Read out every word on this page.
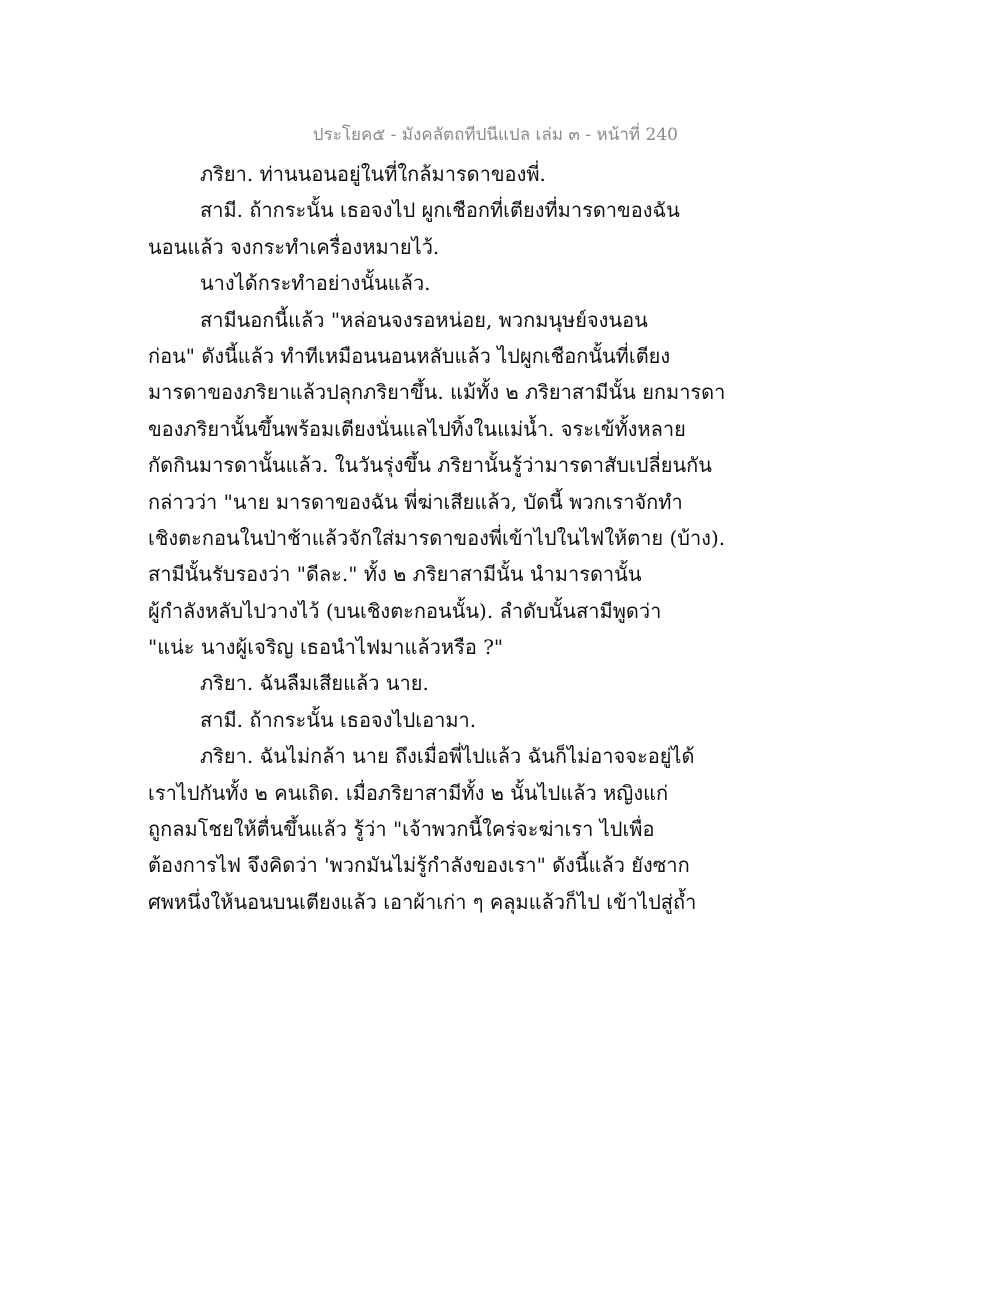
ประโยค๕ - มังคลัตถทีปนีแปล เล่ม ๓ - หน้าที่ 240
ภริยา. ท่านนอนอยู่ในที่ใกล้มารดาของพี่.
สามี. ถ้ากระนั้น เธอจงไป ผูกเชือกที่เตียงที่มารดาของฉัน
นอนแล้ว จงกระทำเครื่องหมายไว้.
นางได้กระทำอย่างนั้นแล้ว.
สามีนอกนี้แล้ว "หล่อนจงรอหน่อย, พวกมนุษย์จงนอน
ก่อน" ดังนี้แล้ว ทำทีเหมือนนอนหลับแล้ว ไปผูกเชือกนั้นที่เตียง
มารดาของภริยาแล้วปลุกภริยาขึ้น. แม้ทั้ง ๒ ภริยาสามีนั้น ยกมารดา
ของภริยานั้นขึ้นพร้อมเตียงนั่นแลไปทิ้งในแม่น้ำ. จระเข้ทั้งหลาย
กัดกินมารดานั้นแล้ว. ในวันรุ่งขึ้น ภริยานั้นรู้ว่ามารดาสับเปลี่ยนกัน
กล่าวว่า "นาย มารดาของฉัน พี่ฆ่าเสียแล้ว, บัดนี้ พวกเราจักทำ
เชิงตะกอนในป่าช้าแล้วจักใส่มารดาของพี่เข้าไปในไฟให้ตาย (บ้าง).
สามีนั้นรับรองว่า "ดีละ." ทั้ง ๒ ภริยาสามีนั้น นำมารดานั้น
ผู้กำลังหลับไปวางไว้ (บนเชิงตะกอนนั้น). ลำดับนั้นสามีพูดว่า
"แน่ะ นางผู้เจริญ เธอนำไฟมาแล้วหรือ ?"
ภริยา. ฉันลืมเสียแล้ว นาย.
สามี. ถ้ากระนั้น เธอจงไปเอามา.
ภริยา. ฉันไม่กล้า นาย ถึงเมื่อพี่ไปแล้ว ฉันก็ไม่อาจจะอยู่ได้
เราไปกันทั้ง ๒ คนเถิด. เมื่อภริยาสามีทั้ง ๒ นั้นไปแล้ว หญิงแก่
ถูกลมโชยให้ตื่นขึ้นแล้ว รู้ว่า "เจ้าพวกนี้ใคร่จะฆ่าเรา ไปเพื่อ
ต้องการไฟ จึงคิดว่า 'พวกมันไม่รู้กำลังของเรา" ดังนี้แล้ว ยังซาก
ศพหนึ่งให้นอนบนเตียงแล้ว เอาผ้าเก่า ๆ คลุมแล้วก็ไป เข้าไปสู่ถ้ำ
